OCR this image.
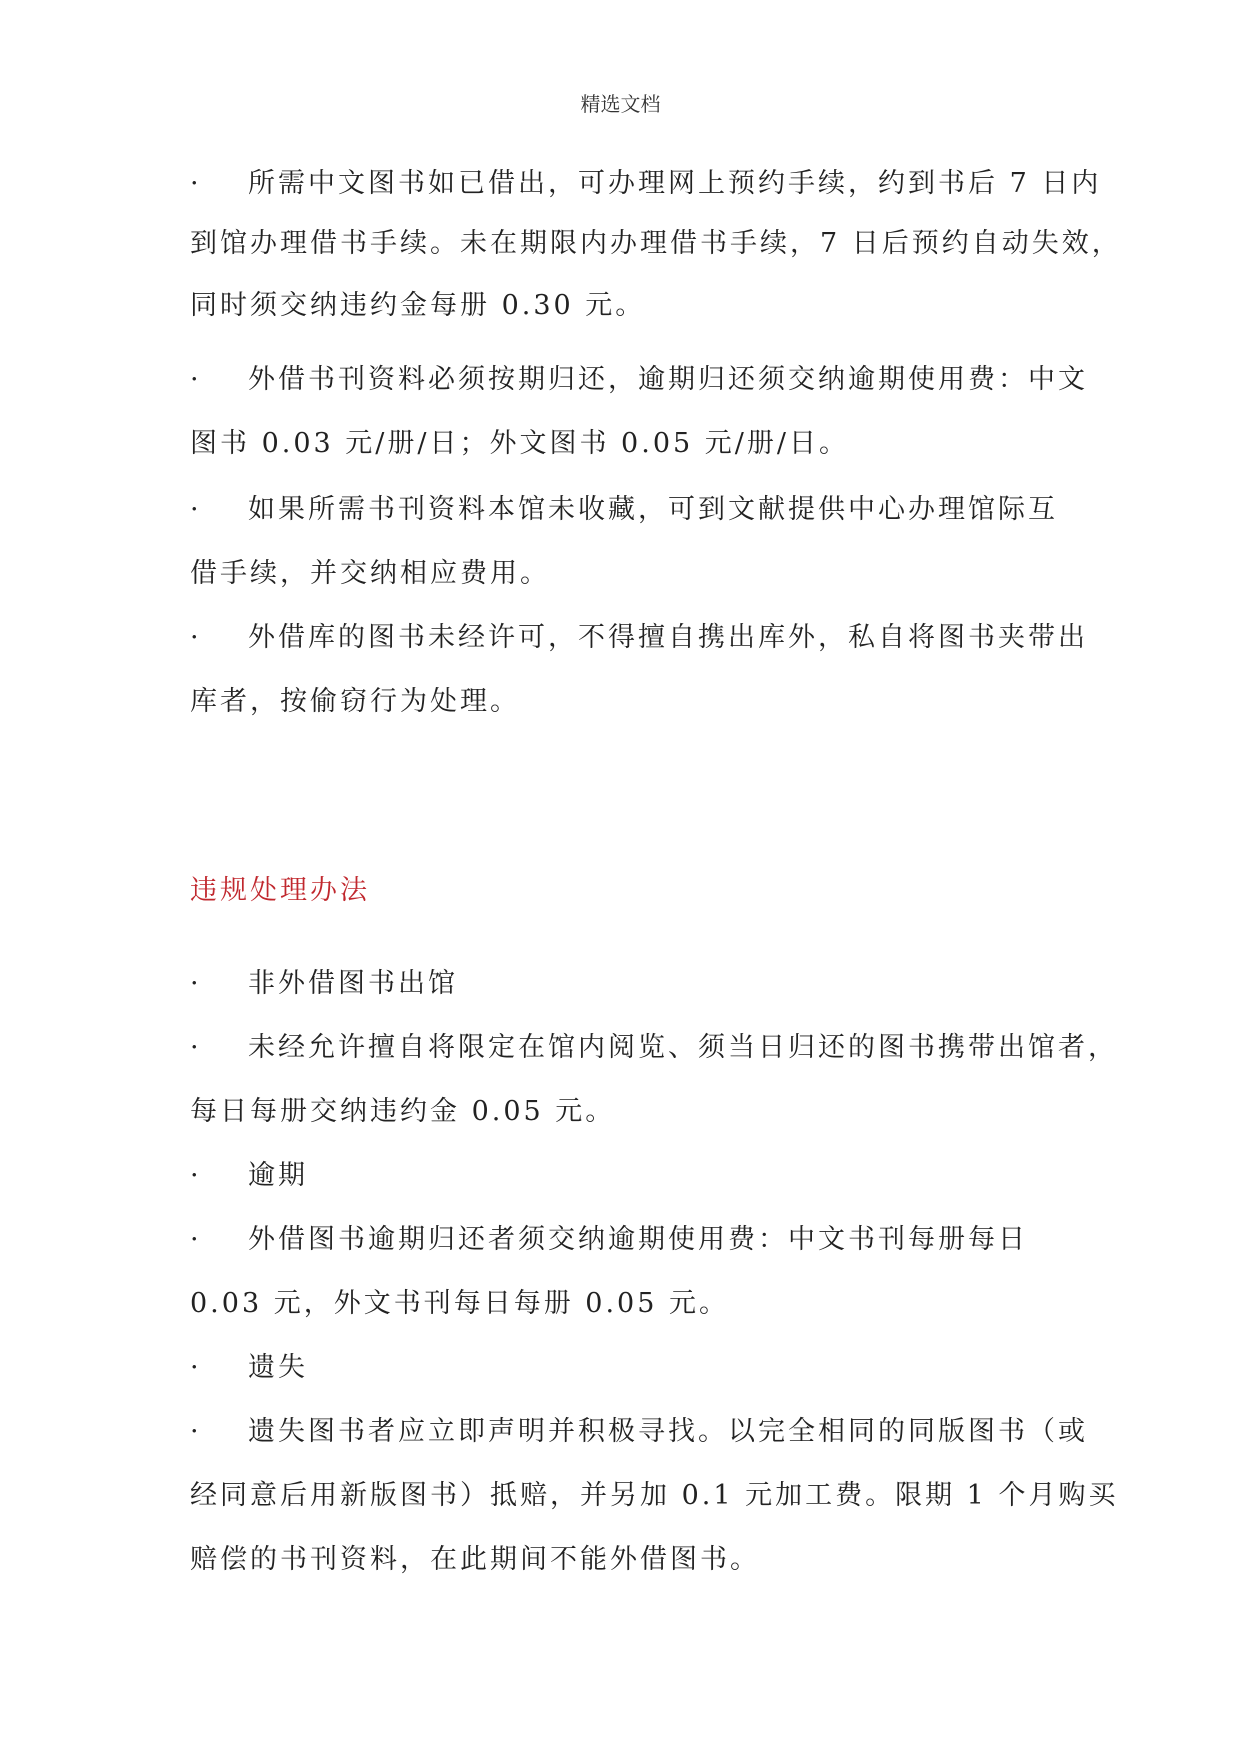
精选文档
· 所需中文图书如已借出，可办理网上预约手续，约到书后 7 日内
到馆办理借书手续。未在期限内办理借书手续，7 日后预约自动失效，
同时须交纳违约金每册 0.30 元。
· 外借书刊资料必须按期归还，逾期归还须交纳逾期使用费：中文
图书 0.03 元/册/日；外文图书 0.05 元/册/日。
· 如果所需书刊资料本馆未收藏，可到文献提供中心办理馆际互
借手续，并交纳相应费用。
· 外借库的图书未经许可，不得擅自携出库外，私自将图书夹带出
库者，按偷窃行为处理。
违规处理办法
· 非外借图书出馆
· 未经允许擅自将限定在馆内阅览、须当日归还的图书携带出馆者，
每日每册交纳违约金 0.05 元。
· 逾期
· 外借图书逾期归还者须交纳逾期使用费：中文书刊每册每日
0.03 元，外文书刊每日每册 0.05 元。
· 遗失
· 遗失图书者应立即声明并积极寻找。以完全相同的同版图书（或
经同意后用新版图书）抵赔，并另加 0.1 元加工费。限期 1 个月购买
赔偿的书刊资料，在此期间不能外借图书。
